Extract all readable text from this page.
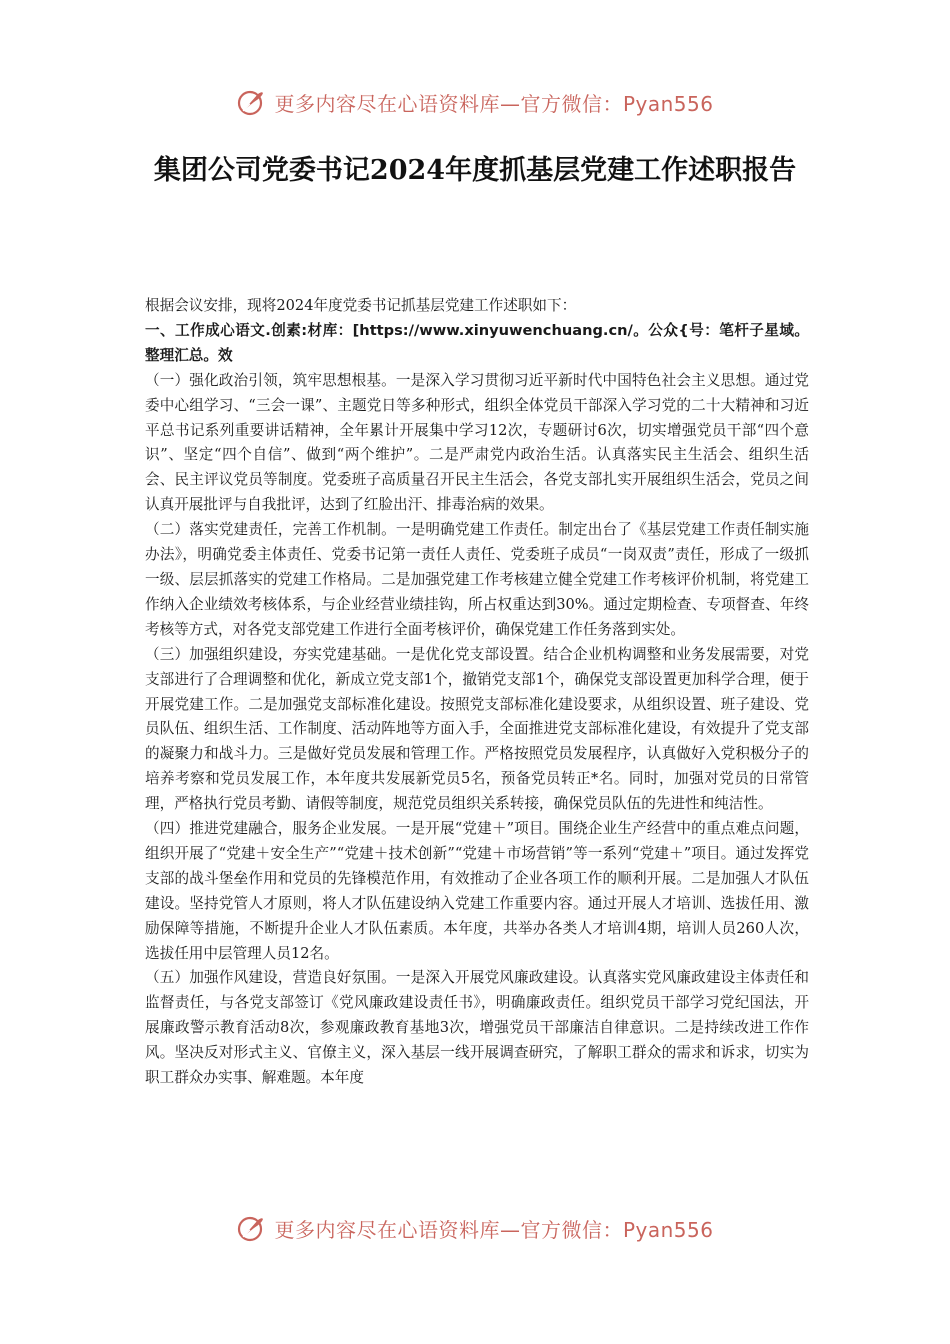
更多内容尽在心语资料库—官方微信：Pyan556
集团公司党委书记2024年度抓基层党建工作述职报告

根据会议安排，现将2024年度党委书记抓基层党建工作述职如下：

一、工作成心语文.创素:材库：[https://www.xinyuwenchuang.cn/。公众{号：笔杆子星域。整理汇总。效

（一）强化政治引领，筑牢思想根基。一是深入学习贯彻习近平新时代中国特色社会主义思想。通过党委中心组学习、“三会一课”、主题党日等多种形式，组织全体党员干部深入学习党的二十大精神和习近平总书记系列重要讲话精神，全年累计开展集中学习12次，专题研讨6次，切实增强党员干部“四个意识”、坚定“四个自信”、做到“两个维护”。二是严肃党内政治生活。认真落实民主生活会、组织生活会、民主评议党员等制度。党委班子高质量召开民主生活会，各党支部扎实开展组织生活会，党员之间认真开展批评与自我批评，达到了红脸出汗、排毒治病的效果。

（二）落实党建责任，完善工作机制。一是明确党建工作责任。制定出台了《基层党建工作责任制实施办法》，明确党委主体责任、党委书记第一责任人责任、党委班子成员“一岗双责”责任，形成了一级抓一级、层层抓落实的党建工作格局。二是加强党建工作考核建立健全党建工作考核评价机制，将党建工作纳入企业绩效考核体系，与企业经营业绩挂钩，所占权重达到30%。通过定期检查、专项督查、年终考核等方式，对各党支部党建工作进行全面考核评价，确保党建工作任务落到实处。

（三）加强组织建设，夯实党建基础。一是优化党支部设置。结合企业机构调整和业务发展需要，对党支部进行了合理调整和优化，新成立党支部1个，撤销党支部1个，确保党支部设置更加科学合理，便于开展党建工作。二是加强党支部标准化建设。按照党支部标准化建设要求，从组织设置、班子建设、党员队伍、组织生活、工作制度、活动阵地等方面入手，全面推进党支部标准化建设，有效提升了党支部的凝聚力和战斗力。三是做好党员发展和管理工作。严格按照党员发展程序，认真做好入党积极分子的培养考察和党员发展工作，本年度共发展新党员5名，预备党员转正*名。同时，加强对党员的日常管理，严格执行党员考勤、请假等制度，规范党员组织关系转接，确保党员队伍的先进性和纯洁性。

（四）推进党建融合，服务企业发展。一是开展“党建＋”项目。围绕企业生产经营中的重点难点问题，组织开展了“党建＋安全生产”“党建＋技术创新”“党建＋市场营销”等一系列“党建＋”项目。通过发挥党支部的战斗堡垒作用和党员的先锋模范作用，有效推动了企业各项工作的顺利开展。二是加强人才队伍建设。坚持党管人才原则，将人才队伍建设纳入党建工作重要内容。通过开展人才培训、选拔任用、激励保障等措施，不断提升企业人才队伍素质。本年度，共举办各类人才培训4期，培训人员260人次，选拔任用中层管理人员12名。

（五）加强作风建设，营造良好氛围。一是深入开展党风廉政建设。认真落实党风廉政建设主体责任和监督责任，与各党支部签订《党风廉政建设责任书》，明确廉政责任。组织党员干部学习党纪国法，开展廉政警示教育活动8次，参观廉政教育基地3次，增强党员干部廉洁自律意识。二是持续改进工作作风。坚决反对形式主义、官僚主义，深入基层一线开展调查研究，了解职工群众的需求和诉求，切实为职工群众办实事、解难题。本年度

更多内容尽在心语资料库—官方微信：Pyan556
